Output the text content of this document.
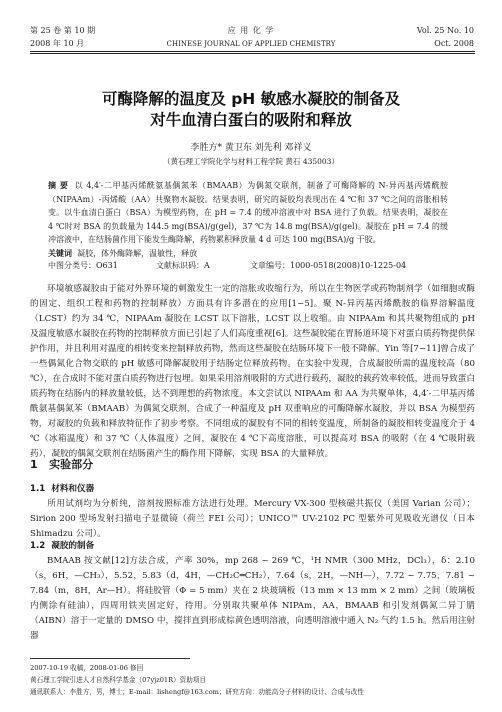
第 25 卷 第 10 期
2008 年 10 月
应 用 化 学
CHINESE JOURNAL OF APPLIED CHEMISTRY
Vol. 25 No. 10
Oct. 2008
可酶降解的温度及 pH 敏感水凝胶的制备及
对牛血清白蛋白的吸附和释放
李胜方* 黄卫东 刘先利 邓祥义
（黄石理工学院化学与材料工程学院 黄石 435003）
摘 要 以 4,4′-二甲基丙烯酰氨基偶氮苯（BMAAB）为偶氮交联剂，制备了可酶降解的 N-异丙基丙烯酰胺（NIPAAm）-丙烯酸（AA）共聚物水凝胶。结果表明，研究的凝胶均表现出在 4 ℃和 37 ℃之间的溶胀相转变。以牛血清白蛋白（BSA）为模型药物，在 pH = 7.4 的缓冲溶液中对 BSA 进行了负载。结果表明，凝胶在 4 ℃时对 BSA 的负载量为 144.5 mg(BSA)/g(gel)，37 ℃为 14.8 mg(BSA)/g(gel)。凝胶在 pH = 7.4 的缓冲溶液中，在结肠菌作用下能发生酶降解，药物累积释放量 4 d 可达 100 mg(BSA)/g 干胶。
关键词 凝胶，体外酶降解，温敏性，释放
中图分类号：O631	文献标识码：A	文章编号：1000-0518(2008)10-1225-04
环境敏感凝胶由于能对外界环境的刺激发生一定的溶胀或收缩行为，所以在生物医学或药物制剂学（如细胞或酶的固定、组织工程和药物的控制释放）方面具有许多潜在的应用[1~5]。聚 N-异丙基丙烯酰胺的临界溶解温度（LCST）约为 34 ℃，NIPAAm 凝胶在 LCST 以下溶胀，LCST 以上收缩。由 NIPAAm 和其共聚物组成的 pH 及温度敏感水凝胶在药物的控制释放方面已引起了人们高度重视[6]。这些凝胶能在胃肠道环境下对蛋白质药物提供保护作用，并且利用对温度的相转变来控制释放药物，然而这些凝胶在结肠环境下一般不降解。Yin 等[7~11]曾合成了一些偶氮化合物交联的 pH 敏感可降解凝胶用于结肠定位释放药物。在实验中发现，合成凝胶所需的温度较高（80 ℃），在合成时不能对蛋白质药物进行包埋。如果采用溶剂吸附的方式进行载药，凝胶的载药效率较低，进而导致蛋白质药物在结肠内的释放量较低，达不到理想的药物浓度。本文尝试以 NIPAAm 和 AA 为共聚单体，4,4′-二甲基丙烯酰氨基偶氮苯（BMAAB）为偶氮交联剂，合成了一种温度及 pH 双重响应的可酶降解水凝胶，并以 BSA 为模型药物，对凝胶的负载和释放特征作了初步考察。不同组成的凝胶有不同的相转变温度，所制备的凝胶相转变温度介于 4 ℃（冰箱温度）和 37 ℃（人体温度）之间，凝胶在 4 ℃下高度溶胀，可以提高对 BSA 的吸附（在 4 ℃吸附载药），凝胶的偶氮交联剂在结肠菌产生的酶作用下降解，实现 BSA 的大量释放。
1 实验部分
1.1 材料和仪器
所用试剂均为分析纯，溶剂按照标准方法进行处理。Mercury VX-300 型核磁共振仪（美国 Varian 公司）；Sirion 200 型场发射扫描电子显微镜（荷兰 FEI 公司）；UNICO™ UV-2102 PC 型紫外可见吸收光谱仪（日本 Shimadzu 公司）。
1.2 凝胶的制备
BMAAB 按文献[12]方法合成，产率 30%，mp 268 ~ 269 ℃，¹H NMR（300 MHz，DCl₃），δ：2.10（s，6H，—CH₃），5.52，5.83（d，4H，—CH₂C═CH₂），7.64（s，2H，—NH—），7.72 ~ 7.75，7.81 ~ 7.84（m，8H，Ar—H）。将硅胶管（Φ = 5 mm）夹在 2 块玻璃板（13 mm × 13 mm × 2 mm）之间（玻璃板内侧涂有硅油），四周用铁夹固定好，待用。分别取共聚单体 NIPAm，AA，BMAAB 和引发剂偶氮二异丁腈（AIBN）溶于一定量的 DMSO 中，搅拌直到形成棕黄色透明溶液，向透明溶液中通入 N₂ 气约 1.5 h。然后用注射器
2007-10-19 收稿，2008-01-06 修回
黄石理工学院引进人才自然科学基金（07yjz01R）资助项目
通讯联系人：李胜方，男，博士；E-mail：lishengf@163.com；研究方向：功能高分子材料的设计、合成与改性
